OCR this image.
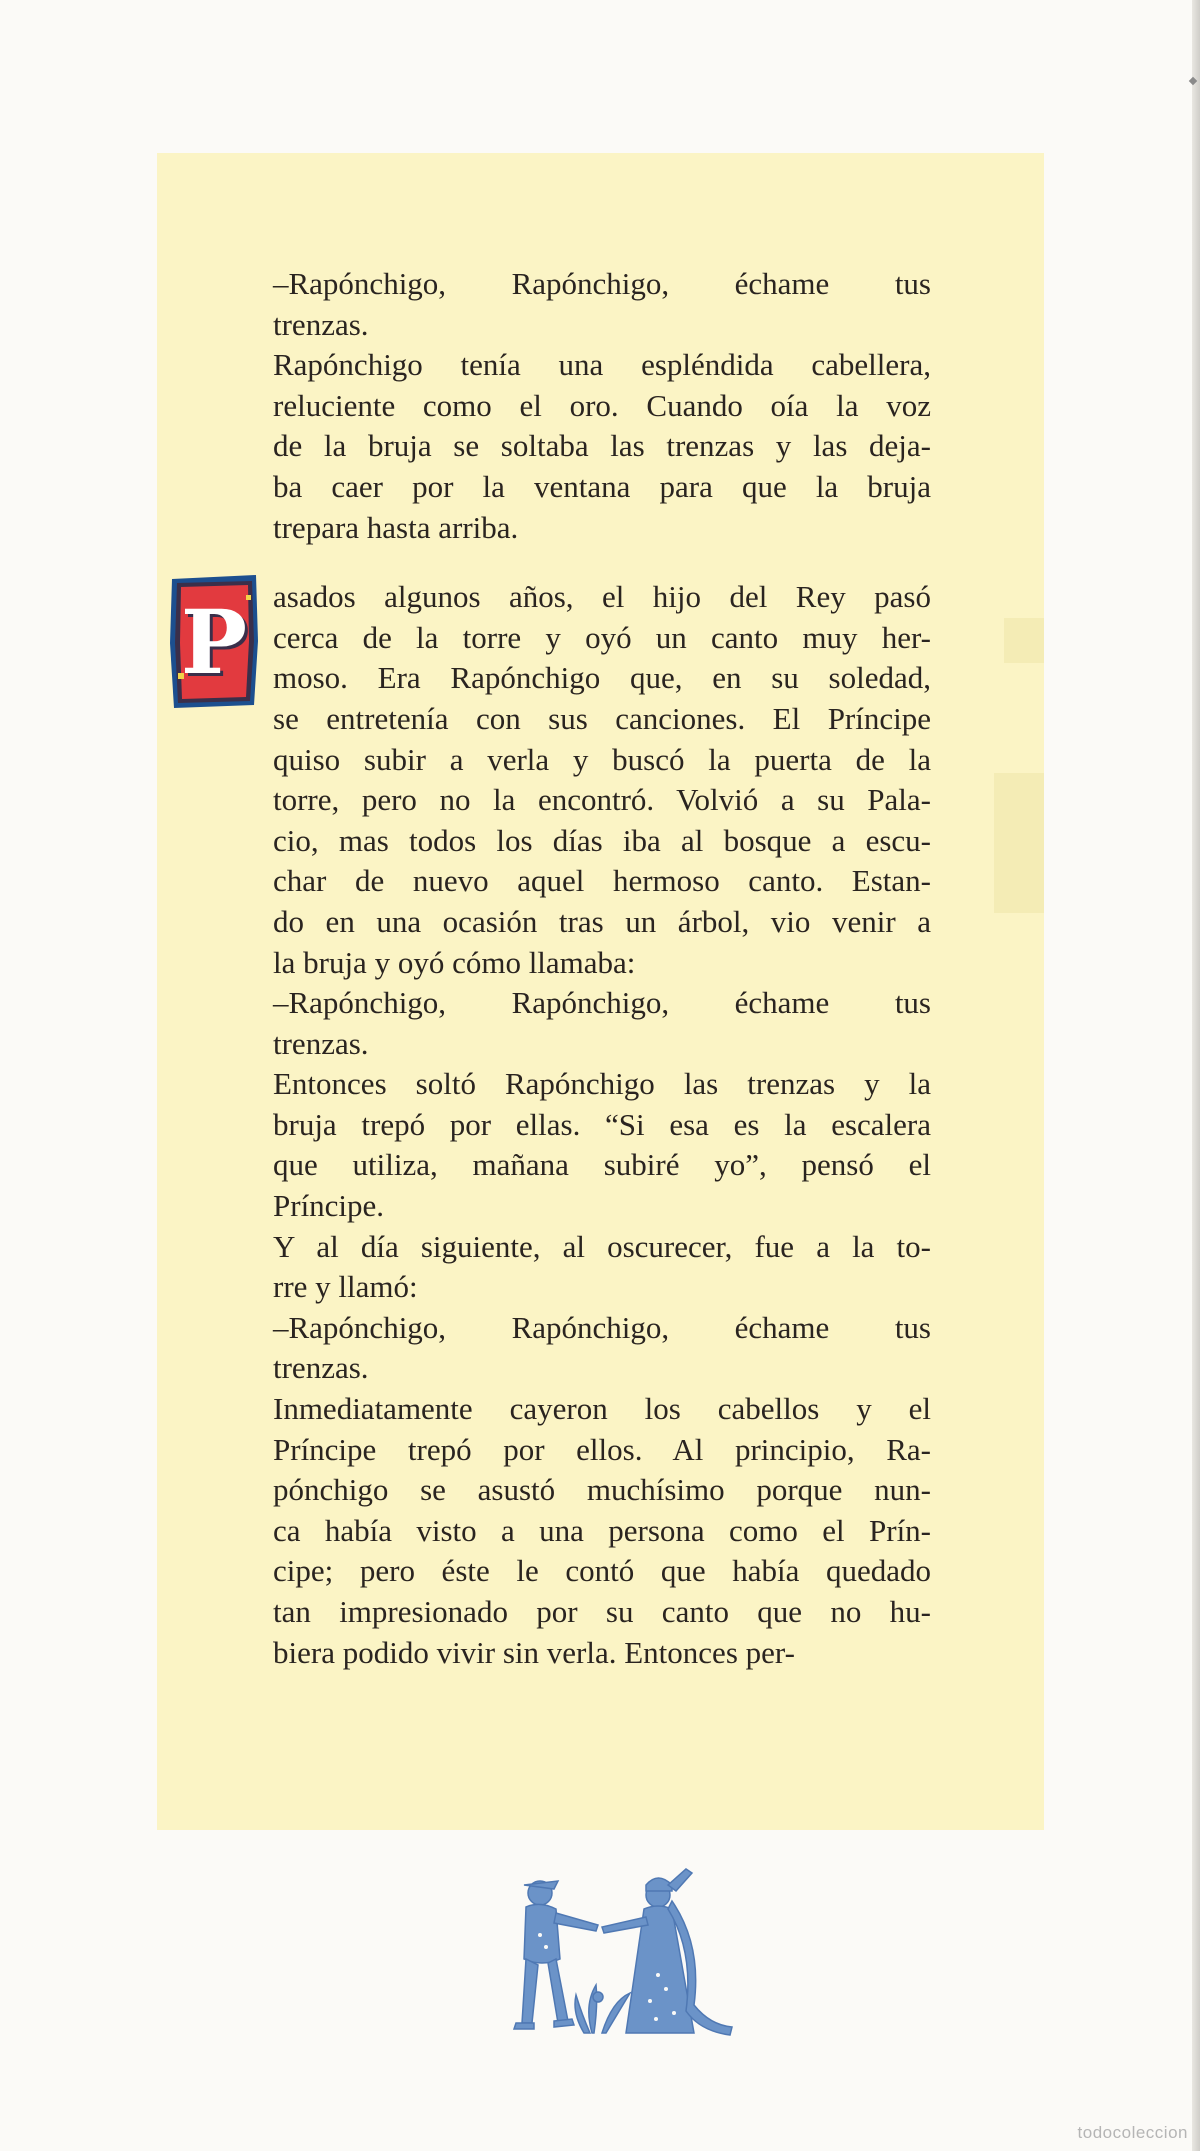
P
–Rapónchigo, Rapónchigo, échame tus
trenzas.
Rapónchigo tenía una espléndida cabellera,
reluciente como el oro. Cuando oía la voz
de la bruja se soltaba las trenzas y las deja-
ba caer por la ventana para que la bruja
trepara hasta arriba.
asados algunos años, el hijo del Rey pasó
cerca de la torre y oyó un canto muy her-
moso. Era Rapónchigo que, en su soledad,
se entretenía con sus canciones. El Príncipe
quiso subir a verla y buscó la puerta de la
torre, pero no la encontró. Volvió a su Pala-
cio, mas todos los días iba al bosque a escu-
char de nuevo aquel hermoso canto. Estan-
do en una ocasión tras un árbol, vio venir a
la bruja y oyó cómo llamaba:
–Rapónchigo, Rapónchigo, échame tus
trenzas.
Entonces soltó Rapónchigo las trenzas y la
bruja trepó por ellas. “Si esa es la escalera
que utiliza, mañana subiré yo”, pensó el
Príncipe.
Y al día siguiente, al oscurecer, fue a la to-
rre y llamó:
–Rapónchigo, Rapónchigo, échame tus
trenzas.
Inmediatamente cayeron los cabellos y el
Príncipe trepó por ellos. Al principio, Ra-
pónchigo se asustó muchísimo porque nun-
ca había visto a una persona como el Prín-
cipe; pero éste le contó que había quedado
tan impresionado por su canto que no hu-
biera podido vivir sin verla. Entonces per-
todocoleccion
